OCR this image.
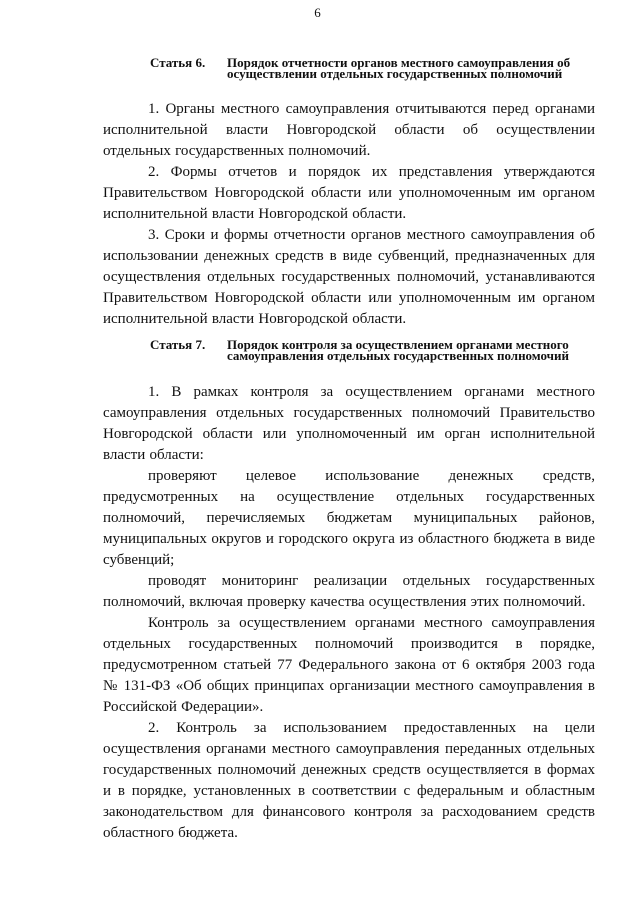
6
Статья 6.	Порядок отчетности органов местного самоуправления об осуществлении отдельных государственных полномочий

1. Органы местного самоуправления отчитываются перед органами исполнительной власти Новгородской области об осуществлении отдельных государственных полномочий.

2. Формы отчетов и порядок их представления утверждаются Правительством Новгородской области или уполномоченным им органом исполнительной власти Новгородской области.

3. Сроки и формы отчетности органов местного самоуправления об использовании денежных средств в виде субвенций, предназначенных для осуществления отдельных государственных полномочий, устанавливаются Правительством Новгородской области или уполномоченным им органом исполнительной власти Новгородской области.

Статья 7.	Порядок контроля за осуществлением органами местного самоуправления отдельных государственных полномочий

1. В рамках контроля за осуществлением органами местного самоуправления отдельных государственных полномочий Правительство Новгородской области или уполномоченный им орган исполнительной власти области:

проверяют целевое использование денежных средств, предусмотренных на осуществление отдельных государственных полномочий, перечисляемых бюджетам муниципальных районов, муниципальных округов и городского округа из областного бюджета в виде субвенций;

проводят мониторинг реализации отдельных государственных полномочий, включая проверку качества осуществления этих полномочий.

Контроль за осуществлением органами местного самоуправления отдельных государственных полномочий производится в порядке, предусмотренном статьей 77 Федерального закона от 6 октября 2003 года № 131-ФЗ «Об общих принципах организации местного самоуправления в Российской Федерации».

2. Контроль за использованием предоставленных на цели осуществления органами местного самоуправления переданных отдельных государственных полномочий денежных средств осуществляется в формах и в порядке, установленных в соответствии с федеральным и областным законодательством для финансового контроля за расходованием средств областного бюджета.
